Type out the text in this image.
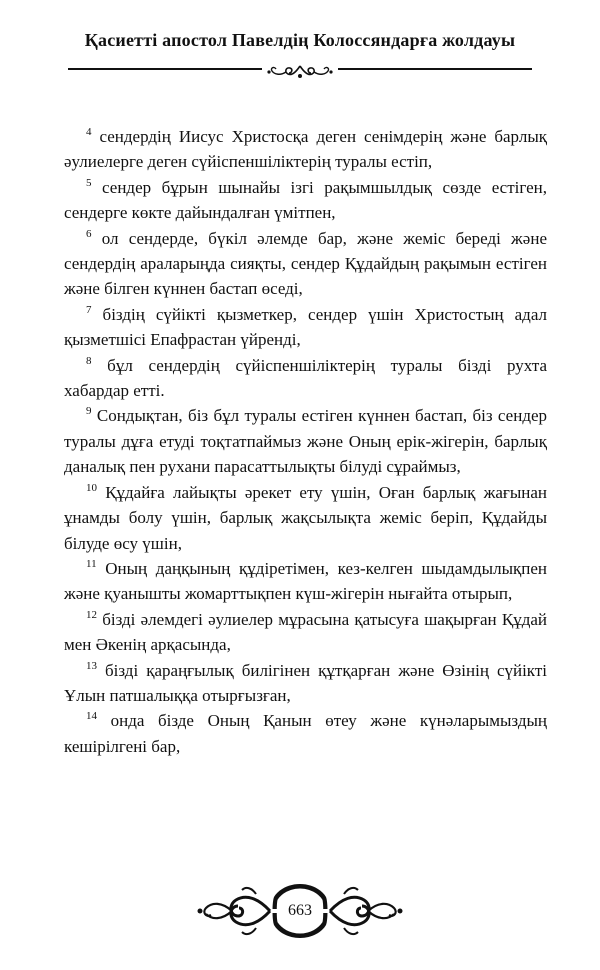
Қасиетті апостол Павелдің Колоссяндарға жолдауы

$^4$ сендердің Иисус Христосқа деген сенімдерің және барлық әулиелерге деген сүйіспеншіліктерің туралы естіп,

$^5$ сендер бұрын шынайы ізгі рақымшылдық сөзде естіген, сендерге көкте дайындалған үмітпен,

$^6$ ол сендерде, бүкіл әлемде бар, және жеміс береді және сендердің араларыңда сияқты, сендер Құдайдың рақымын естіген және білген күннен бастап өседі,

$^7$ біздің сүйікті қызметкер, сендер үшін Христостың адал қызметшісі Епафрастан үйренді,

$^8$ бұл сендердің сүйіспеншіліктерің туралы бізді рухта хабардар етті.

$^9$ Сондықтан, біз бұл туралы естіген күннен бастап, біз сендер туралы дұға етуді тоқтатпаймыз және Оның ерік-жігерін, барлық даналық пен рухани парасаттылықты білуді сұраймыз,

$^{10}$ Құдайға лайықты әрекет ету үшін, Оған барлық жағынан ұнамды болу үшін, барлық жақсылықта жеміс беріп, Құдайды білуде өсу үшін,

$^{11}$ Оның даңқының құдіретімен, кез-келген шыдамдылықпен және қуанышты жомарттықпен күш-жігерін нығайта отырып,

$^{12}$ бізді әлемдегі әулиелер мұрасына қатысуға шақырған Құдай мен Әкенің арқасында,

$^{13}$ бізді қараңғылық билігінен құтқарған және Өзінің сүйікті Ұлын патшалыққа отырғызған,

$^{14}$ онда бізде Оның Қанын өтеу және күнәларымыздың кешірілгені бар,

663
